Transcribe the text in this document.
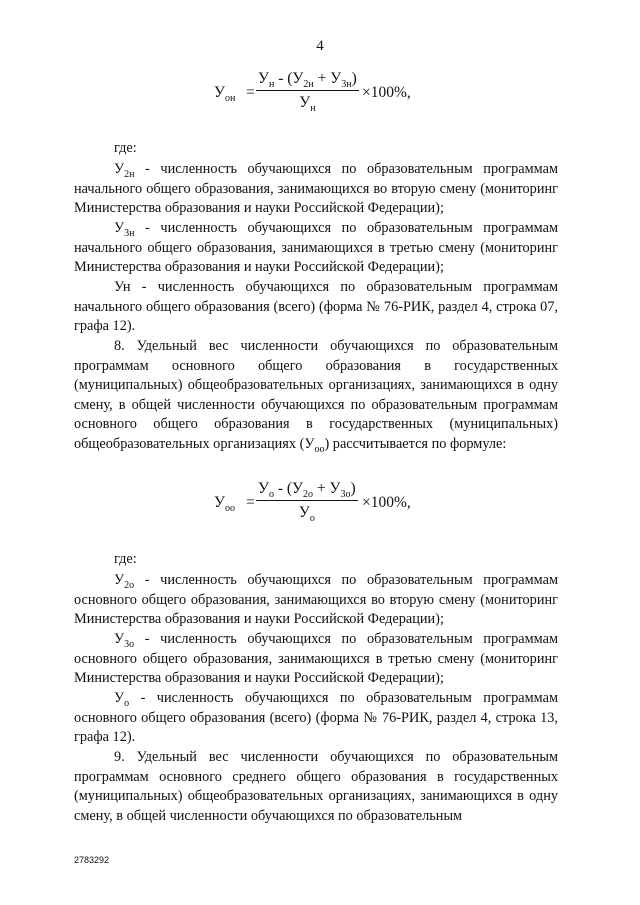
4
$У_{он}$ =
$У_н - (У_{2н} + У_{3н})$
$У_н$
×100%,
где:
$У_{2н}$ - численность обучающихся по образовательным программам начального общего образования, занимающихся во вторую смену (мониторинг Министерства образования и науки Российской Федерации);
$У_{3н}$ - численность обучающихся по образовательным программам начального общего образования, занимающихся в третью смену (мониторинг Министерства образования и науки Российской Федерации);
Ун - численность обучающихся по образовательным программам начального общего образования (всего) (форма № 76-РИК, раздел 4, строка 07, графа 12).
8. Удельный вес численности обучающихся по образовательным программам основного общего образования в государственных (муниципальных) общеобразовательных организациях, занимающихся в одну смену, в общей численности обучающихся по образовательным программам основного общего образования в государственных (муниципальных) общеобразовательных организациях $(У_{оо})$ рассчитывается по формуле:
$У_{оо}$ =
$У_о - (У_{2о} + У_{3о})$
$У_о$
×100%,
где:
$У_{2о}$ - численность обучающихся по образовательным программам основного общего образования, занимающихся во вторую смену (мониторинг Министерства образования и науки Российской Федерации);
$У_{3о}$ - численность обучающихся по образовательным программам основного общего образования, занимающихся в третью смену (мониторинг Министерства образования и науки Российской Федерации);
$У_о$ - численность обучающихся по образовательным программам основного общего образования (всего) (форма № 76-РИК, раздел 4, строка 13, графа 12).
9. Удельный вес численности обучающихся по образовательным программам основного среднего общего образования в государственных (муниципальных) общеобразовательных организациях, занимающихся в одну смену, в общей численности обучающихся по образовательным
2783292
